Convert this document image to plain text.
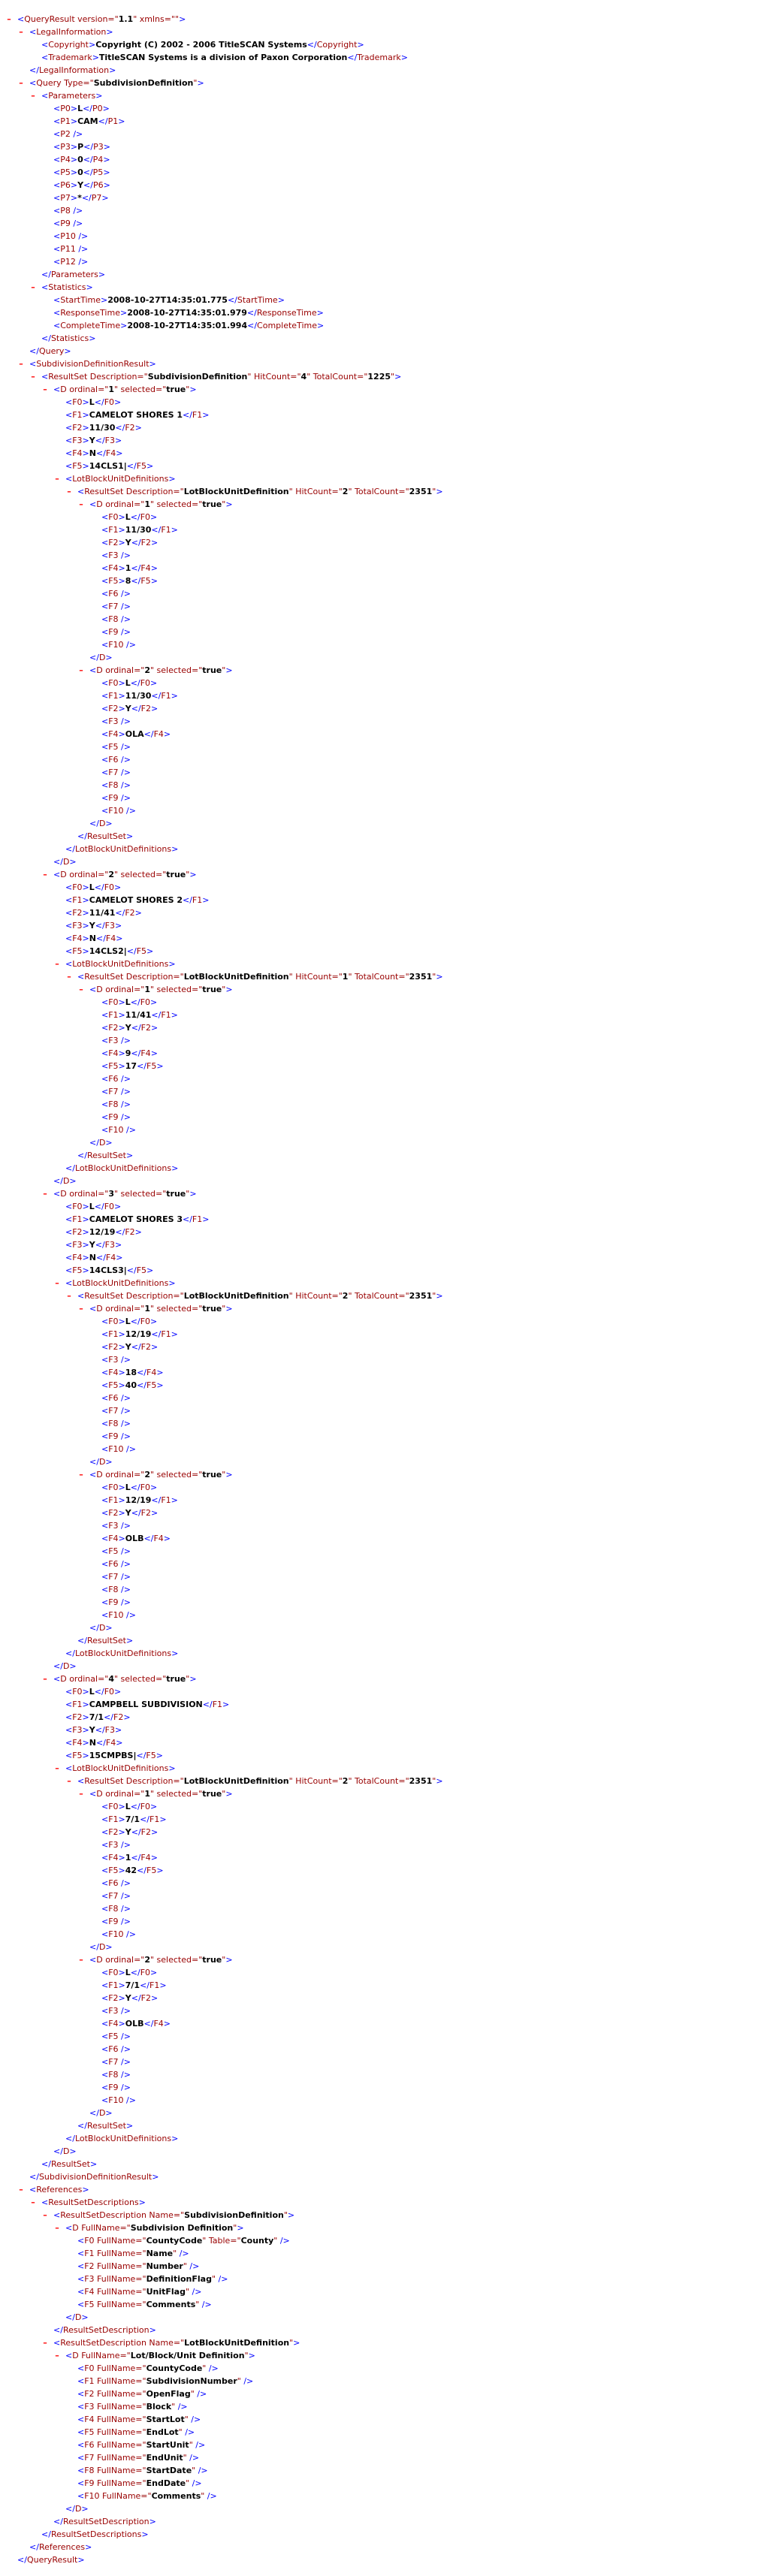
– <QueryResult version="1.1" xmlns="">
– <LegalInformation>
<Copyright>Copyright (C) 2002 - 2006 TitleSCAN Systems</Copyright>
<Trademark>TitleSCAN Systems is a division of Paxon Corporation</Trademark>
</LegalInformation>
– <Query Type="SubdivisionDefinition">
– <Parameters>
<P0>L</P0>
<P1>CAM</P1>
<P2 />
<P3>P</P3>
<P4>0</P4>
<P5>0</P5>
<P6>Y</P6>
<P7>*</P7>
<P8 />
<P9 />
<P10 />
<P11 />
<P12 />
</Parameters>
– <Statistics>
<StartTime>2008-10-27T14:35:01.775</StartTime>
<ResponseTime>2008-10-27T14:35:01.979</ResponseTime>
<CompleteTime>2008-10-27T14:35:01.994</CompleteTime>
</Statistics>
</Query>
– <SubdivisionDefinitionResult>
– <ResultSet Description="SubdivisionDefinition" HitCount="4" TotalCount="1225">
– <D ordinal="1" selected="true">
<F0>L</F0>
<F1>CAMELOT SHORES 1</F1>
<F2>11/30</F2>
<F3>Y</F3>
<F4>N</F4>
<F5>14CLS1|</F5>
– <LotBlockUnitDefinitions>
– <ResultSet Description="LotBlockUnitDefinition" HitCount="2" TotalCount="2351">
– <D ordinal="1" selected="true">
<F0>L</F0>
<F1>11/30</F1>
<F2>Y</F2>
<F3 />
<F4>1</F4>
<F5>8</F5>
<F6 />
<F7 />
<F8 />
<F9 />
<F10 />
</D>
– <D ordinal="2" selected="true">
<F0>L</F0>
<F1>11/30</F1>
<F2>Y</F2>
<F3 />
<F4>OLA</F4>
<F5 />
<F6 />
<F7 />
<F8 />
<F9 />
<F10 />
</D>
</ResultSet>
</LotBlockUnitDefinitions>
</D>
– <D ordinal="2" selected="true">
<F0>L</F0>
<F1>CAMELOT SHORES 2</F1>
<F2>11/41</F2>
<F3>Y</F3>
<F4>N</F4>
<F5>14CLS2|</F5>
– <LotBlockUnitDefinitions>
– <ResultSet Description="LotBlockUnitDefinition" HitCount="1" TotalCount="2351">
– <D ordinal="1" selected="true">
<F0>L</F0>
<F1>11/41</F1>
<F2>Y</F2>
<F3 />
<F4>9</F4>
<F5>17</F5>
<F6 />
<F7 />
<F8 />
<F9 />
<F10 />
</D>
</ResultSet>
</LotBlockUnitDefinitions>
</D>
– <D ordinal="3" selected="true">
<F0>L</F0>
<F1>CAMELOT SHORES 3</F1>
<F2>12/19</F2>
<F3>Y</F3>
<F4>N</F4>
<F5>14CLS3|</F5>
– <LotBlockUnitDefinitions>
– <ResultSet Description="LotBlockUnitDefinition" HitCount="2" TotalCount="2351">
– <D ordinal="1" selected="true">
<F0>L</F0>
<F1>12/19</F1>
<F2>Y</F2>
<F3 />
<F4>18</F4>
<F5>40</F5>
<F6 />
<F7 />
<F8 />
<F9 />
<F10 />
</D>
– <D ordinal="2" selected="true">
<F0>L</F0>
<F1>12/19</F1>
<F2>Y</F2>
<F3 />
<F4>OLB</F4>
<F5 />
<F6 />
<F7 />
<F8 />
<F9 />
<F10 />
</D>
</ResultSet>
</LotBlockUnitDefinitions>
</D>
– <D ordinal="4" selected="true">
<F0>L</F0>
<F1>CAMPBELL SUBDIVISION</F1>
<F2>7/1</F2>
<F3>Y</F3>
<F4>N</F4>
<F5>15CMPBS|</F5>
– <LotBlockUnitDefinitions>
– <ResultSet Description="LotBlockUnitDefinition" HitCount="2" TotalCount="2351">
– <D ordinal="1" selected="true">
<F0>L</F0>
<F1>7/1</F1>
<F2>Y</F2>
<F3 />
<F4>1</F4>
<F5>42</F5>
<F6 />
<F7 />
<F8 />
<F9 />
<F10 />
</D>
– <D ordinal="2" selected="true">
<F0>L</F0>
<F1>7/1</F1>
<F2>Y</F2>
<F3 />
<F4>OLB</F4>
<F5 />
<F6 />
<F7 />
<F8 />
<F9 />
<F10 />
</D>
</ResultSet>
</LotBlockUnitDefinitions>
</D>
</ResultSet>
</SubdivisionDefinitionResult>
– <References>
– <ResultSetDescriptions>
– <ResultSetDescription Name="SubdivisionDefinition">
– <D FullName="Subdivision Definition">
<F0 FullName="CountyCode" Table="County" />
<F1 FullName="Name" />
<F2 FullName="Number" />
<F3 FullName="DefinitionFlag" />
<F4 FullName="UnitFlag" />
<F5 FullName="Comments" />
</D>
</ResultSetDescription>
– <ResultSetDescription Name="LotBlockUnitDefinition">
– <D FullName="Lot/Block/Unit Definition">
<F0 FullName="CountyCode" />
<F1 FullName="SubdivisionNumber" />
<F2 FullName="OpenFlag" />
<F3 FullName="Block" />
<F4 FullName="StartLot" />
<F5 FullName="EndLot" />
<F6 FullName="StartUnit" />
<F7 FullName="EndUnit" />
<F8 FullName="StartDate" />
<F9 FullName="EndDate" />
<F10 FullName="Comments" />
</D>
</ResultSetDescription>
</ResultSetDescriptions>
</References>
</QueryResult>
